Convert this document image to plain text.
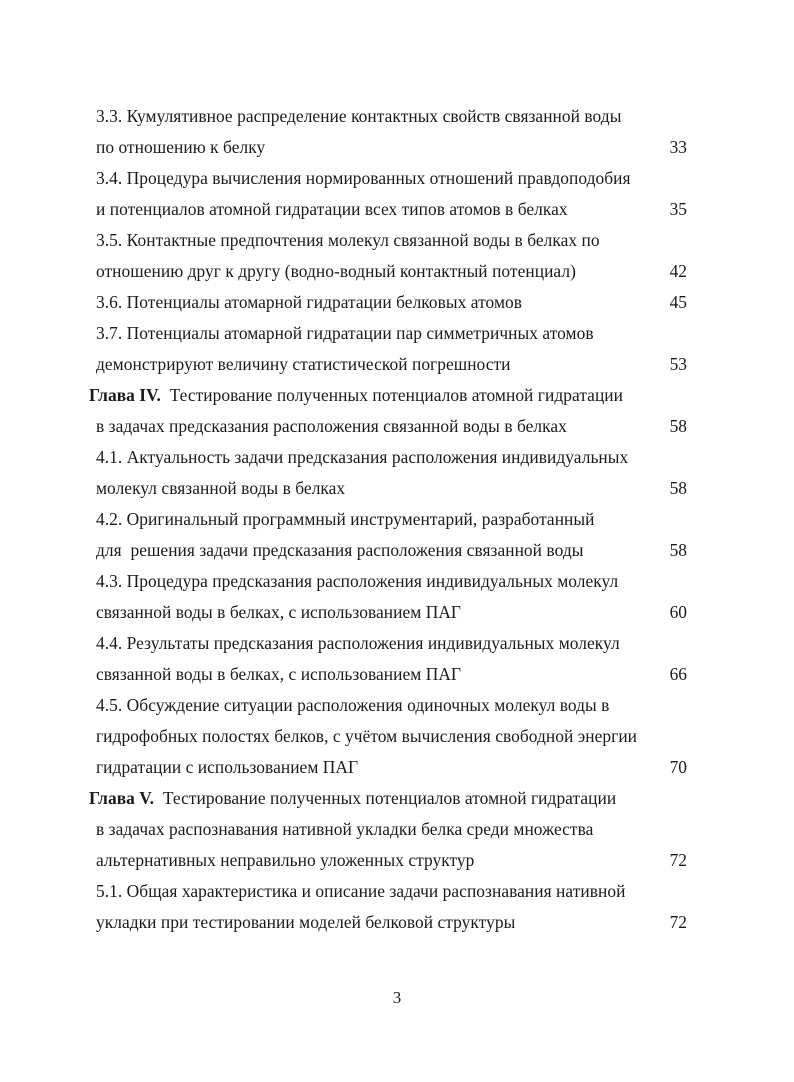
3.3. Кумулятивное распределение контактных свойств связанной воды
по отношению к белку	33
3.4. Процедура вычисления нормированных отношений правдоподобия
и потенциалов атомной гидратации всех типов атомов в белках	35
3.5. Контактные предпочтения молекул связанной воды в белках по
отношению друг к другу (водно-водный контактный потенциал)	42
3.6. Потенциалы атомарной гидратации белковых атомов	45
3.7. Потенциалы атомарной гидратации пар симметричных атомов
демонстрируют величину статистической погрешности	53
Глава IV. Тестирование полученных потенциалов атомной гидратации
в задачах предсказания расположения связанной воды в белках	58
4.1. Актуальность задачи предсказания расположения индивидуальных
молекул связанной воды в белках	58
4.2. Оригинальный программный инструментарий, разработанный
для  решения задачи предсказания расположения связанной воды	58
4.3. Процедура предсказания расположения индивидуальных молекул
связанной воды в белках, с использованием ПАГ	60
4.4. Результаты предсказания расположения индивидуальных молекул
связанной воды в белках, с использованием ПАГ	66
4.5. Обсуждение ситуации расположения одиночных молекул воды в
гидрофобных полостях белков, с учётом вычисления свободной энергии
гидратации с использованием ПАГ	70
Глава V. Тестирование полученных потенциалов атомной гидратации
в задачах распознавания нативной укладки белка среди множества
альтернативных неправильно уложенных структур	72
5.1. Общая характеристика и описание задачи распознавания нативной
укладки при тестировании моделей белковой структуры	72
3
